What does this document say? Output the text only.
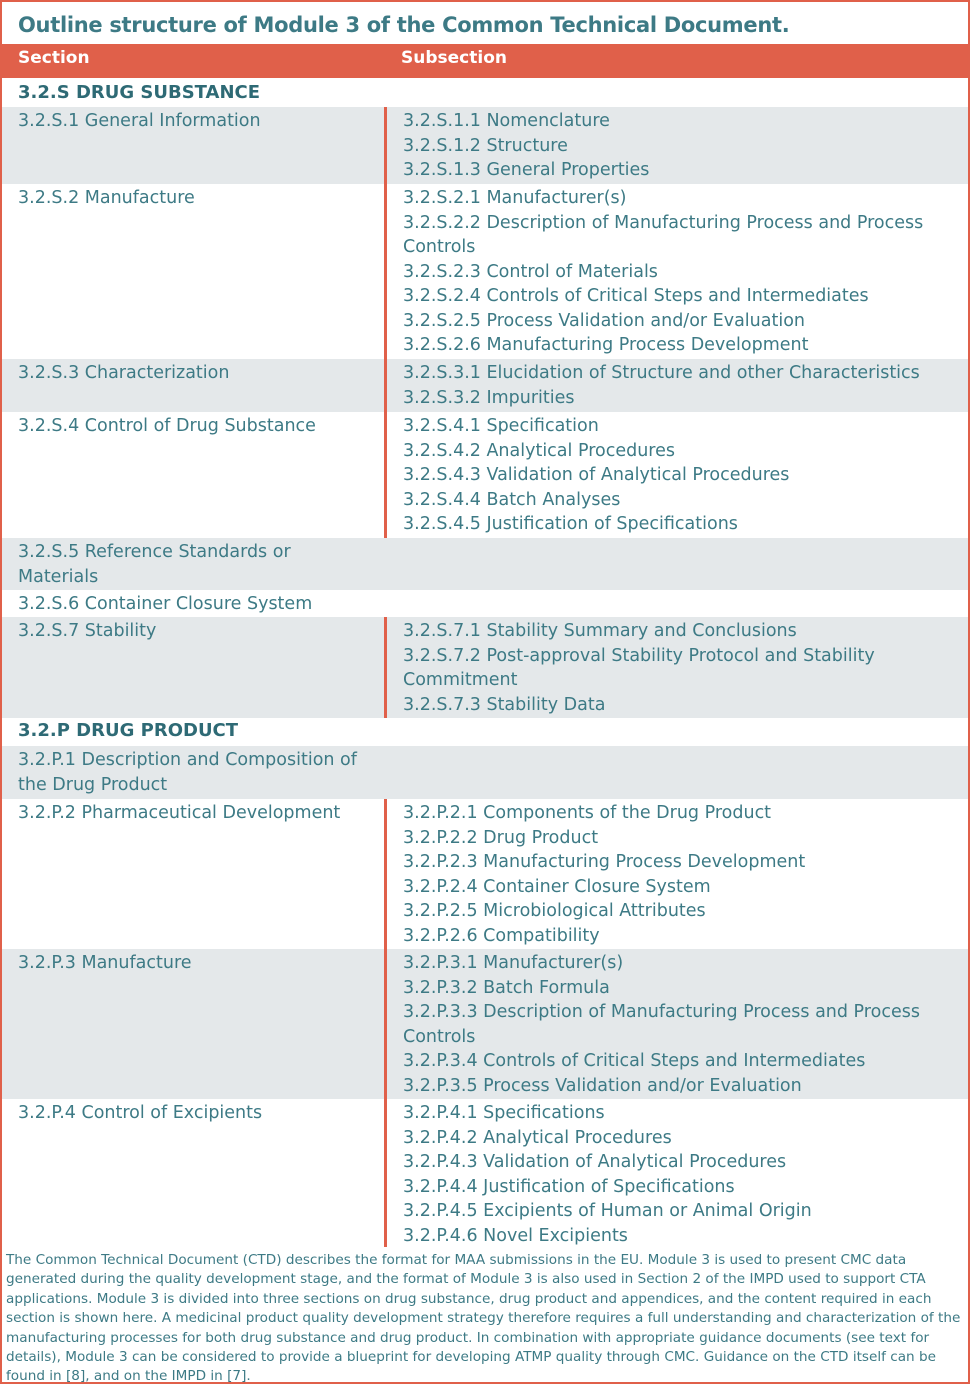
Outline structure of Module 3 of the Common Technical Document.
Section	Subsection
3.2.S DRUG SUBSTANCE
3.2.S.1 General Information	3.2.S.1.1 Nomenclature
3.2.S.1.2 Structure
3.2.S.1.3 General Properties
3.2.S.2 Manufacture	3.2.S.2.1 Manufacturer(s)
3.2.S.2.2 Description of Manufacturing Process and Process Controls
3.2.S.2.3 Control of Materials
3.2.S.2.4 Controls of Critical Steps and Intermediates
3.2.S.2.5 Process Validation and/or Evaluation
3.2.S.2.6 Manufacturing Process Development
3.2.S.3 Characterization	3.2.S.3.1 Elucidation of Structure and other Characteristics
3.2.S.3.2 Impurities
3.2.S.4 Control of Drug Substance	3.2.S.4.1 Specification
3.2.S.4.2 Analytical Procedures
3.2.S.4.3 Validation of Analytical Procedures
3.2.S.4.4 Batch Analyses
3.2.S.4.5 Justification of Specifications
3.2.S.5 Reference Standards or Materials
3.2.S.6 Container Closure System
3.2.S.7 Stability	3.2.S.7.1 Stability Summary and Conclusions
3.2.S.7.2 Post-approval Stability Protocol and Stability Commitment
3.2.S.7.3 Stability Data
3.2.P DRUG PRODUCT
3.2.P.1 Description and Composition of the Drug Product
3.2.P.2 Pharmaceutical Development	3.2.P.2.1 Components of the Drug Product
3.2.P.2.2 Drug Product
3.2.P.2.3 Manufacturing Process Development
3.2.P.2.4 Container Closure System
3.2.P.2.5 Microbiological Attributes
3.2.P.2.6 Compatibility
3.2.P.3 Manufacture	3.2.P.3.1 Manufacturer(s)
3.2.P.3.2 Batch Formula
3.2.P.3.3 Description of Manufacturing Process and Process Controls
3.2.P.3.4 Controls of Critical Steps and Intermediates
3.2.P.3.5 Process Validation and/or Evaluation
3.2.P.4 Control of Excipients	3.2.P.4.1 Specifications
3.2.P.4.2 Analytical Procedures
3.2.P.4.3 Validation of Analytical Procedures
3.2.P.4.4 Justification of Specifications
3.2.P.4.5 Excipients of Human or Animal Origin
3.2.P.4.6 Novel Excipients

The Common Technical Document (CTD) describes the format for MAA submissions in the EU. Module 3 is used to present CMC data generated during the quality development stage, and the format of Module 3 is also used in Section 2 of the IMPD used to support CTA applications. Module 3 is divided into three sections on drug substance, drug product and appendices, and the content required in each section is shown here. A medicinal product quality development strategy therefore requires a full understanding and characterization of the manufacturing processes for both drug substance and drug product. In combination with appropriate guidance documents (see text for details), Module 3 can be considered to provide a blueprint for developing ATMP quality through CMC. Guidance on the CTD itself can be found in [8], and on the IMPD in [7].
